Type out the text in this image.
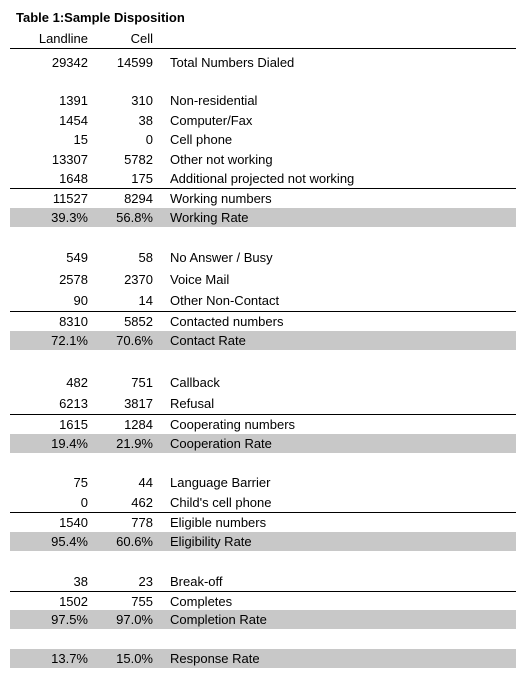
Table 1:Sample Disposition
Landline	Cell
29342	14599 Total Numbers Dialed
1391	310 Non-residential
1454	38 Computer/Fax
15	0 Cell phone
13307	5782 Other not working
1648	175 Additional projected not working
11527	8294 Working numbers
39.3%	56.8% Working Rate
549	58 No Answer / Busy
2578	2370 Voice Mail
90	14 Other Non-Contact
8310	5852 Contacted numbers
72.1%	70.6% Contact Rate
482	751 Callback
6213	3817 Refusal
1615	1284 Cooperating numbers
19.4%	21.9% Cooperation Rate
75	44 Language Barrier
0	462 Child's cell phone
1540	778 Eligible numbers
95.4%	60.6% Eligibility Rate
38	23 Break-off
1502	755 Completes
97.5%	97.0% Completion Rate
13.7%	15.0% Response Rate
